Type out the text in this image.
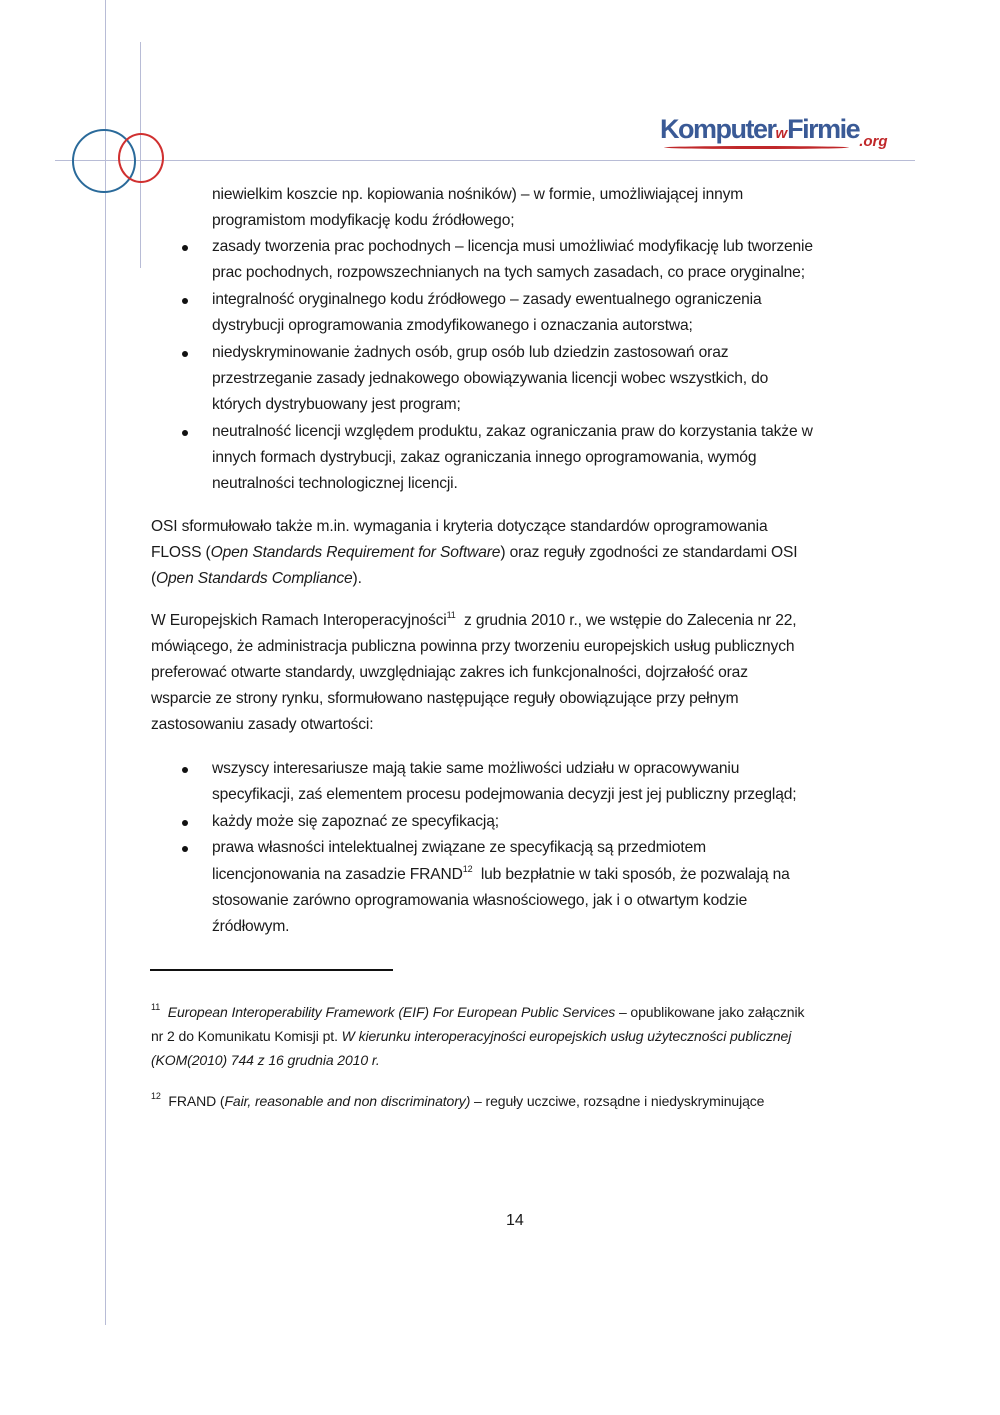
KomputerwFirmie.org
niewielkim koszcie np. kopiowania nośników) – w formie, umożliwiającej innym
programistom modyfikację kodu źródłowego;
zasady tworzenia prac pochodnych – licencja musi umożliwiać modyfikację lub tworzenie
prac pochodnych, rozpowszechnianych na tych samych zasadach, co prace oryginalne;
integralność oryginalnego kodu źródłowego – zasady ewentualnego ograniczenia
dystrybucji oprogramowania zmodyfikowanego i oznaczania autorstwa;
niedyskryminowanie żadnych osób, grup osób lub dziedzin zastosowań oraz
przestrzeganie zasady jednakowego obowiązywania licencji wobec wszystkich, do
których dystrybuowany jest program;
neutralność licencji względem produktu, zakaz ograniczania praw do korzystania także w
innych formach dystrybucji, zakaz ograniczania innego oprogramowania, wymóg
neutralności technologicznej licencji.
OSI sformułowało także m.in. wymagania i kryteria dotyczące standardów oprogramowania
FLOSS (Open Standards Requirement for Software) oraz reguły zgodności ze standardami OSI
(Open Standards Compliance).
W Europejskich Ramach Interoperacyjności$^{11}$  z grudnia 2010 r., we wstępie do Zalecenia nr 22,
mówiącego, że administracja publiczna powinna przy tworzeniu europejskich usług publicznych
preferować otwarte standardy, uwzględniając zakres ich funkcjonalności, dojrzałość oraz
wsparcie ze strony rynku, sformułowano następujące reguły obowiązujące przy pełnym
zastosowaniu zasady otwartości:
wszyscy interesariusze mają takie same możliwości udziału w opracowywaniu
specyfikacji, zaś elementem procesu podejmowania decyzji jest jej publiczny przegląd;
każdy może się zapoznać ze specyfikacją;
prawa własności intelektualnej związane ze specyfikacją są przedmiotem
licencjonowania na zasadzie FRAND$^{12}$  lub bezpłatnie w taki sposób, że pozwalają na
stosowanie zarówno oprogramowania własnościowego, jak i o otwartym kodzie
źródłowym.
$^{11}$ European Interoperability Framework (EIF) For European Public Services – opublikowane jako załącznik
nr 2 do Komunikatu Komisji pt. W kierunku interoperacyjności europejskich usług użyteczności publicznej
(KOM(2010) 744 z 16 grudnia 2010 r.
$^{12}$  FRAND (Fair, reasonable and non discriminatory) – reguły uczciwe, rozsądne i niedyskryminujące
14
